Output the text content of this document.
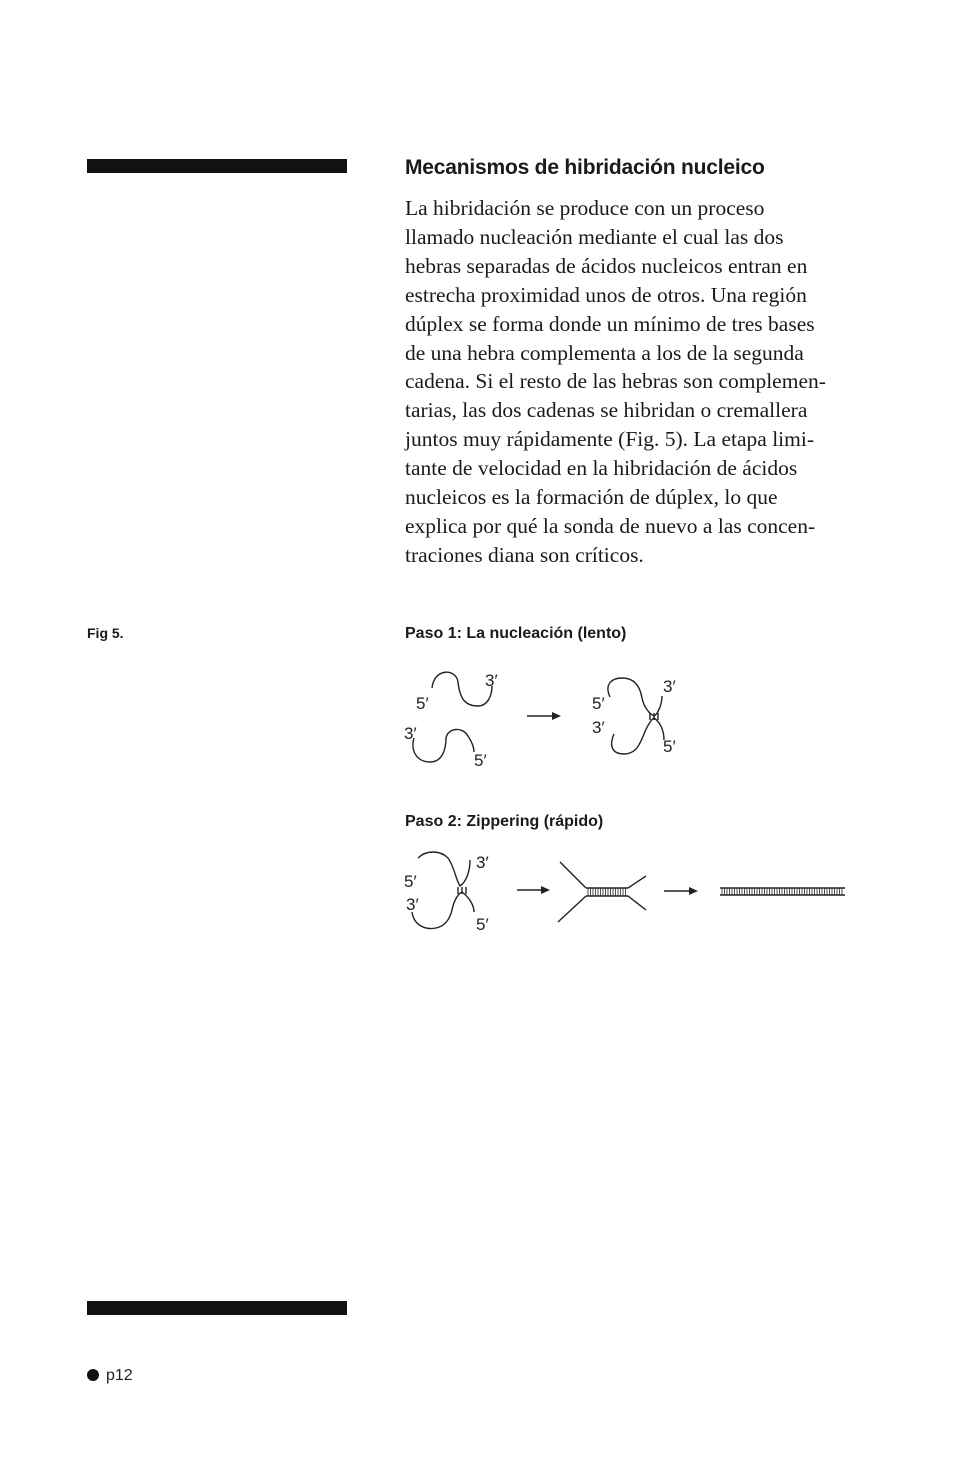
Mecanismos de hibridación nucleico
La hibridación se produce con un proceso
llamado nucleación mediante el cual las dos
hebras separadas de ácidos nucleicos entran en
estrecha proximidad unos de otros. Una región
dúplex se forma donde un mínimo de tres bases
de una hebra complementa a los de la segunda
cadena. Si el resto de las hebras son complemen-
tarias, las dos cadenas se hibridan o cremallera
juntos muy rápidamente (Fig. 5). La etapa limi-
tante de velocidad en la hibridación de ácidos
nucleicos es la formación de dúplex, lo que
explica por qué la sonda de nuevo a las concen-
traciones diana son críticos.
Fig 5.	Paso 1: La nucleación (lento)
Paso 2: Zippering (rápido)
5′
3′
3′
5′
3′
5′
3′
5′
3′
5′
3′
5′
p12
